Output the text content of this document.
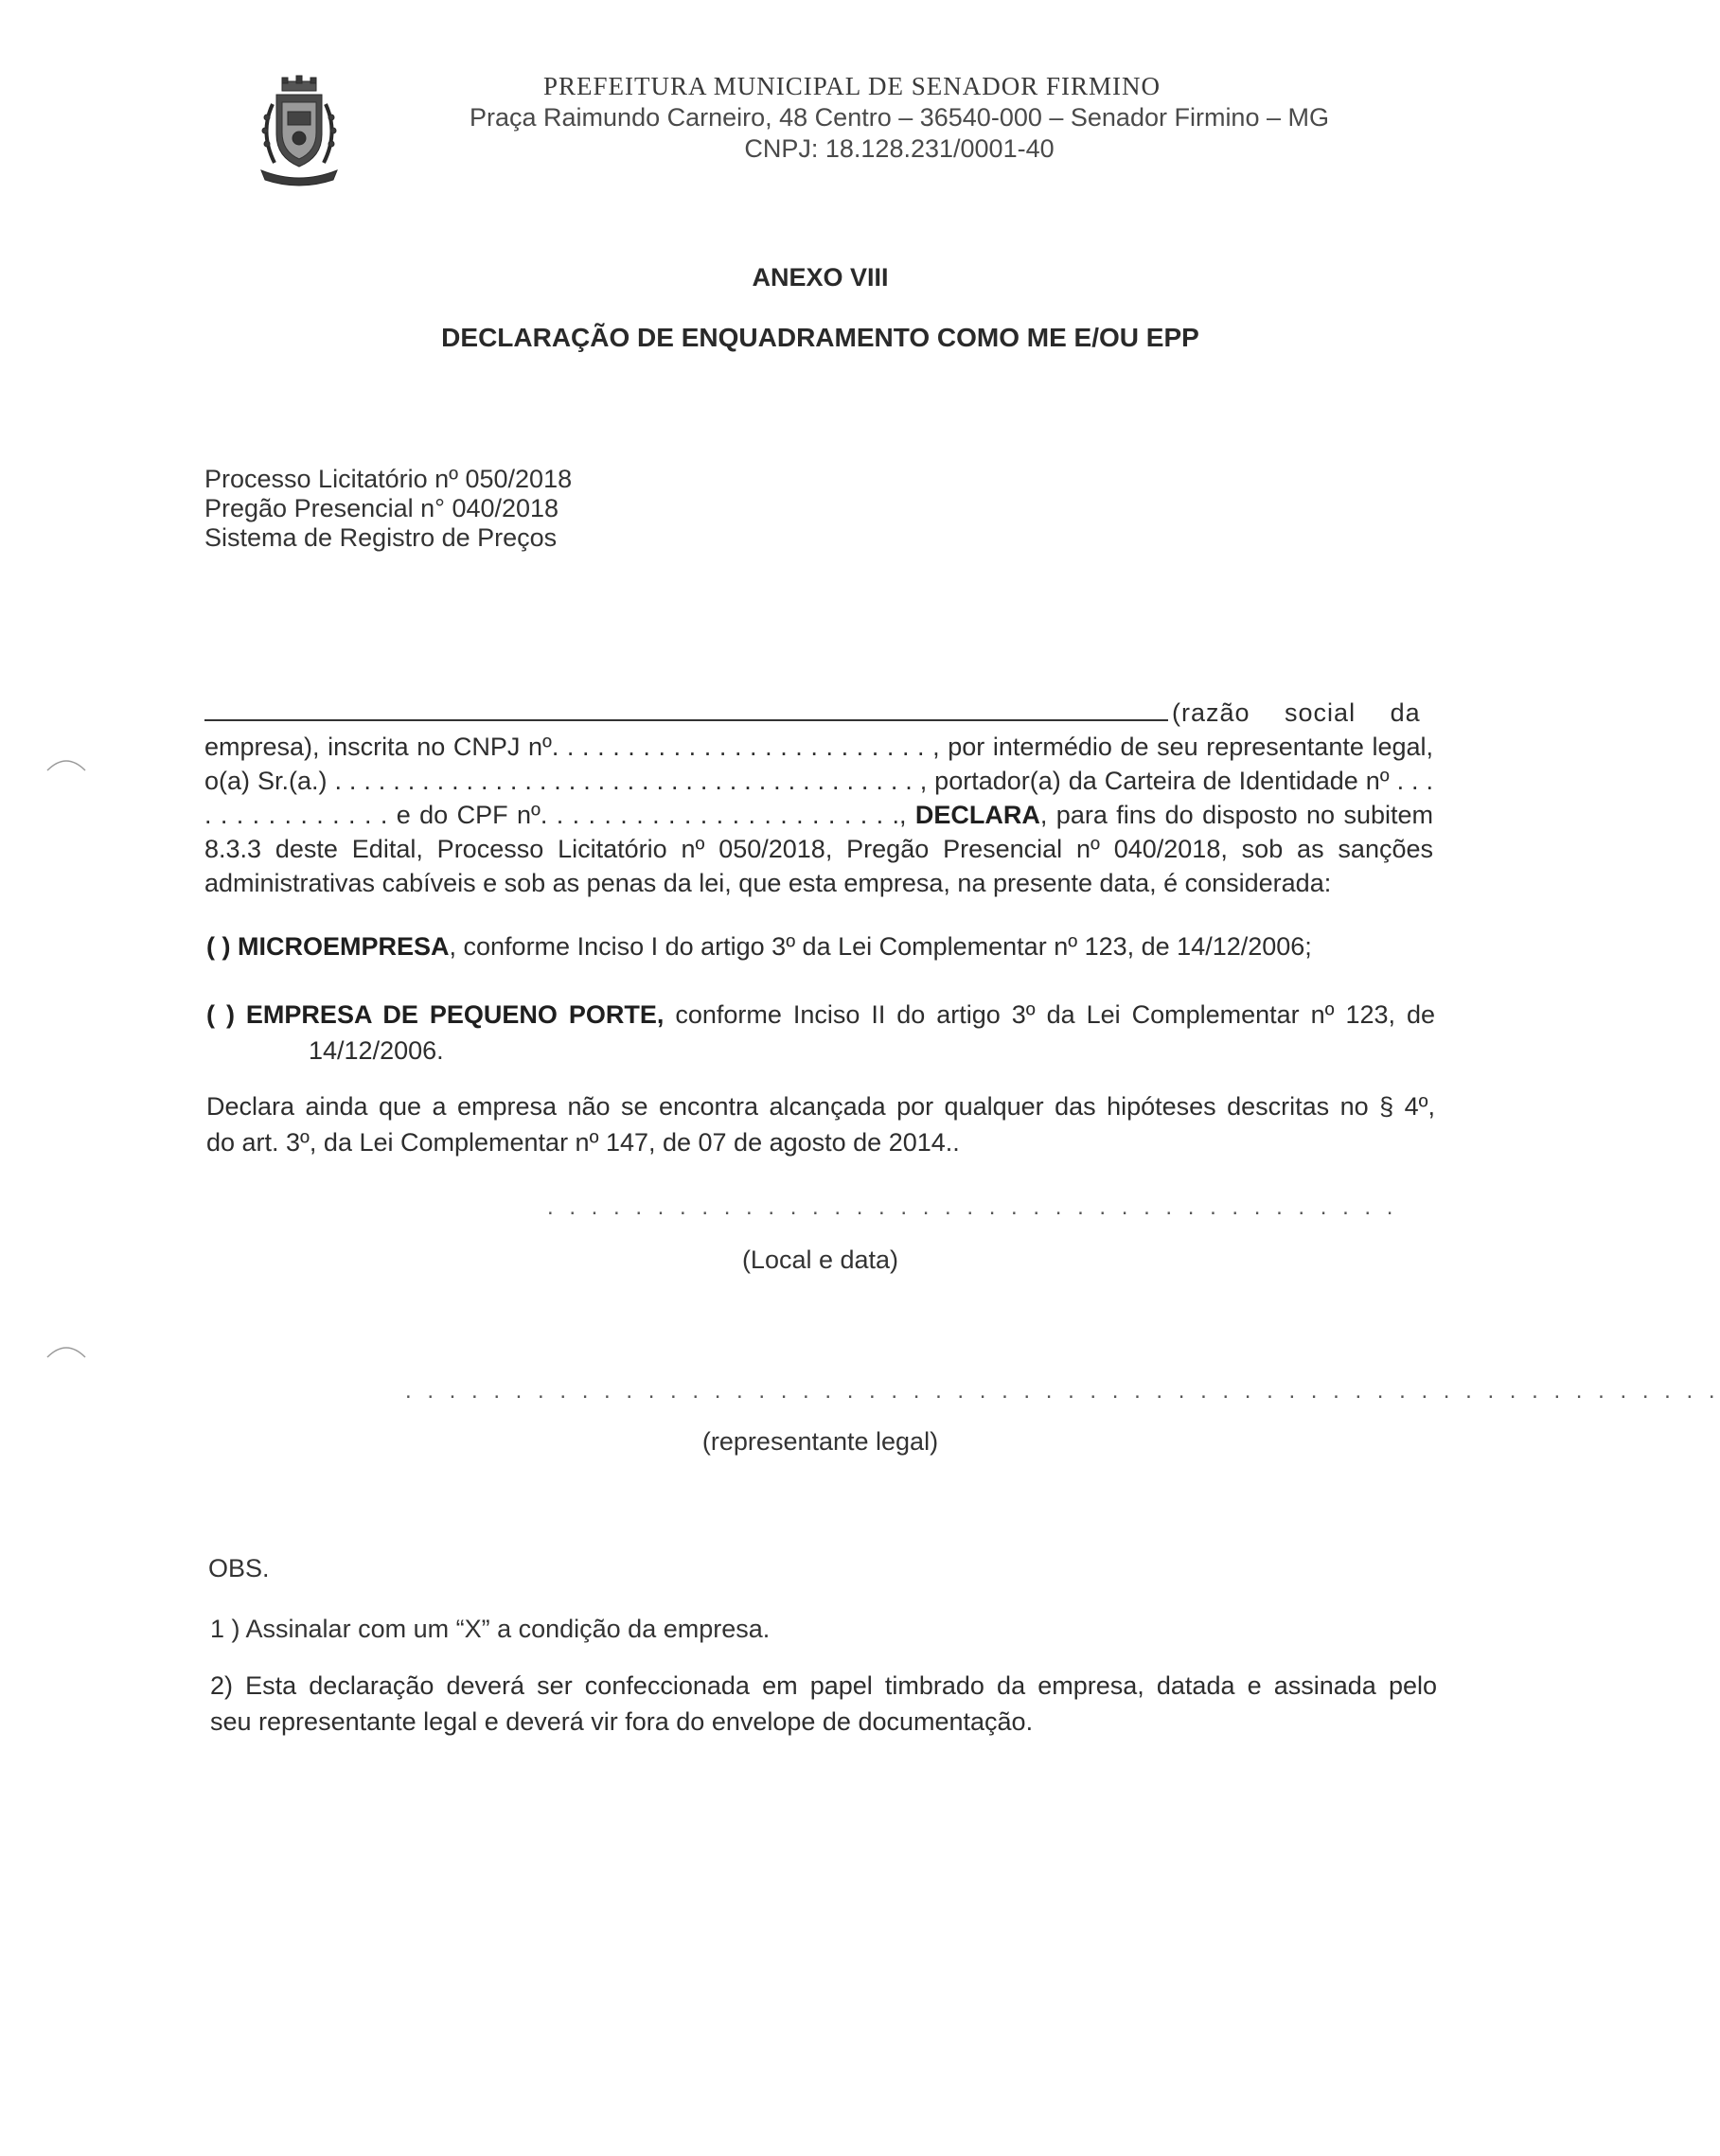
PREFEITURA MUNICIPAL DE SENADOR FIRMINO
Praça Raimundo Carneiro, 48 Centro – 36540-000 – Senador Firmino – MG
CNPJ: 18.128.231/0001-40
ANEXO VIII
DECLARAÇÃO DE ENQUADRAMENTO COMO ME E/OU EPP
Processo Licitatório nº 050/2018
Pregão Presencial n° 040/2018
Sistema de Registro de Preços
(razão social da
empresa), inscrita no CNPJ nº. . . . . . . . . . . . . . . . . . . . . . . . . , por intermédio de seu representante legal,
o(a) Sr.(a.) . . . . . . . . . . . . . . . . . . . . . . . . . . . . . . . . . . . . . . . . , portador(a) da Carteira de Identidade nº . . .
. . . . . . . . . . . . e do CPF nº. . . . . . . . . . . . . . . . . . . . . . ., DECLARA, para fins do disposto no subitem
8.3.3 deste Edital, Processo Licitatório nº 050/2018, Pregão Presencial nº 040/2018, sob as sanções
administrativas cabíveis e sob as penas da lei, que esta empresa, na presente data, é considerada:
( ) MICROEMPRESA, conforme Inciso I do artigo 3º da Lei Complementar nº 123, de 14/12/2006;
( ) EMPRESA DE PEQUENO PORTE, conforme Inciso II do artigo 3º da Lei Complementar nº 123, de
14/12/2006.
Declara ainda que a empresa não se encontra alcançada por qualquer das hipóteses descritas no § 4º,
do art. 3º, da Lei Complementar nº 147, de 07 de agosto de 2014..
. . . . . . . . . . . . . . . . . . . . . . . . . . . . . . . . . . . . . . .
(Local e data)
. . . . . . . . . . . . . . . . . . . . . . . . . . . . . . . . . . . . . . . . . . . . . . . . . . . . . . . . . . . .
(representante legal)
OBS.
1 ) Assinalar com um “X” a condição da empresa.
2) Esta declaração deverá ser confeccionada em papel timbrado da empresa, datada e assinada pelo
seu representante legal e deverá vir fora do envelope de documentação.
